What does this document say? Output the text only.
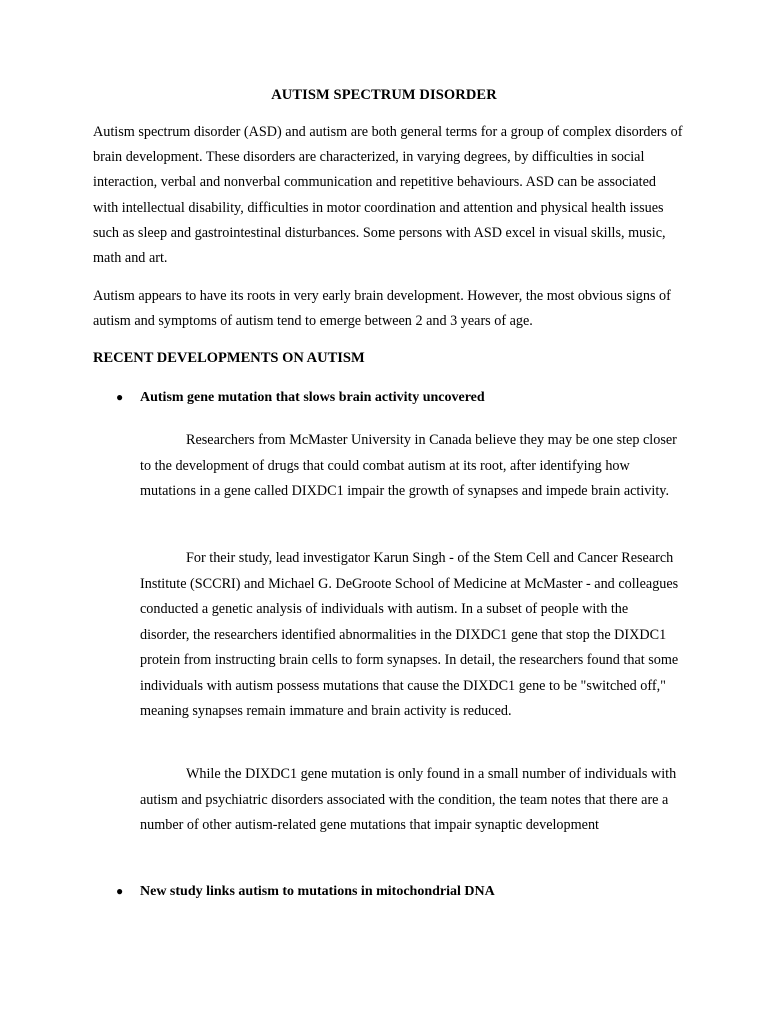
AUTISM SPECTRUM DISORDER

Autism spectrum disorder (ASD) and autism are both general terms for a group of complex disorders of brain development. These disorders are characterized, in varying degrees, by difficulties in social interaction, verbal and nonverbal communication and repetitive behaviours. ASD can be associated with intellectual disability, difficulties in motor coordination and attention and physical health issues such as sleep and gastrointestinal disturbances. Some persons with ASD excel in visual skills, music, math and art.

Autism appears to have its roots in very early brain development. However, the most obvious signs of autism and symptoms of autism tend to emerge between 2 and 3 years of age.

RECENT DEVELOPMENTS ON AUTISM
● Autism gene mutation that slows brain activity uncovered

Researchers from McMaster University in Canada believe they may be one step closer to the development of drugs that could combat autism at its root, after identifying how mutations in a gene called DIXDC1 impair the growth of synapses and impede brain activity.

For their study, lead investigator Karun Singh - of the Stem Cell and Cancer Research Institute (SCCRI) and Michael G. DeGroote School of Medicine at McMaster - and colleagues conducted a genetic analysis of individuals with autism. In a subset of people with the disorder, the researchers identified abnormalities in the DIXDC1 gene that stop the DIXDC1 protein from instructing brain cells to form synapses. In detail, the researchers found that some individuals with autism possess mutations that cause the DIXDC1 gene to be "switched off," meaning synapses remain immature and brain activity is reduced.

While the DIXDC1 gene mutation is only found in a small number of individuals with autism and psychiatric disorders associated with the condition, the team notes that there are a number of other autism-related gene mutations that impair synaptic development

● New study links autism to mutations in mitochondrial DNA
